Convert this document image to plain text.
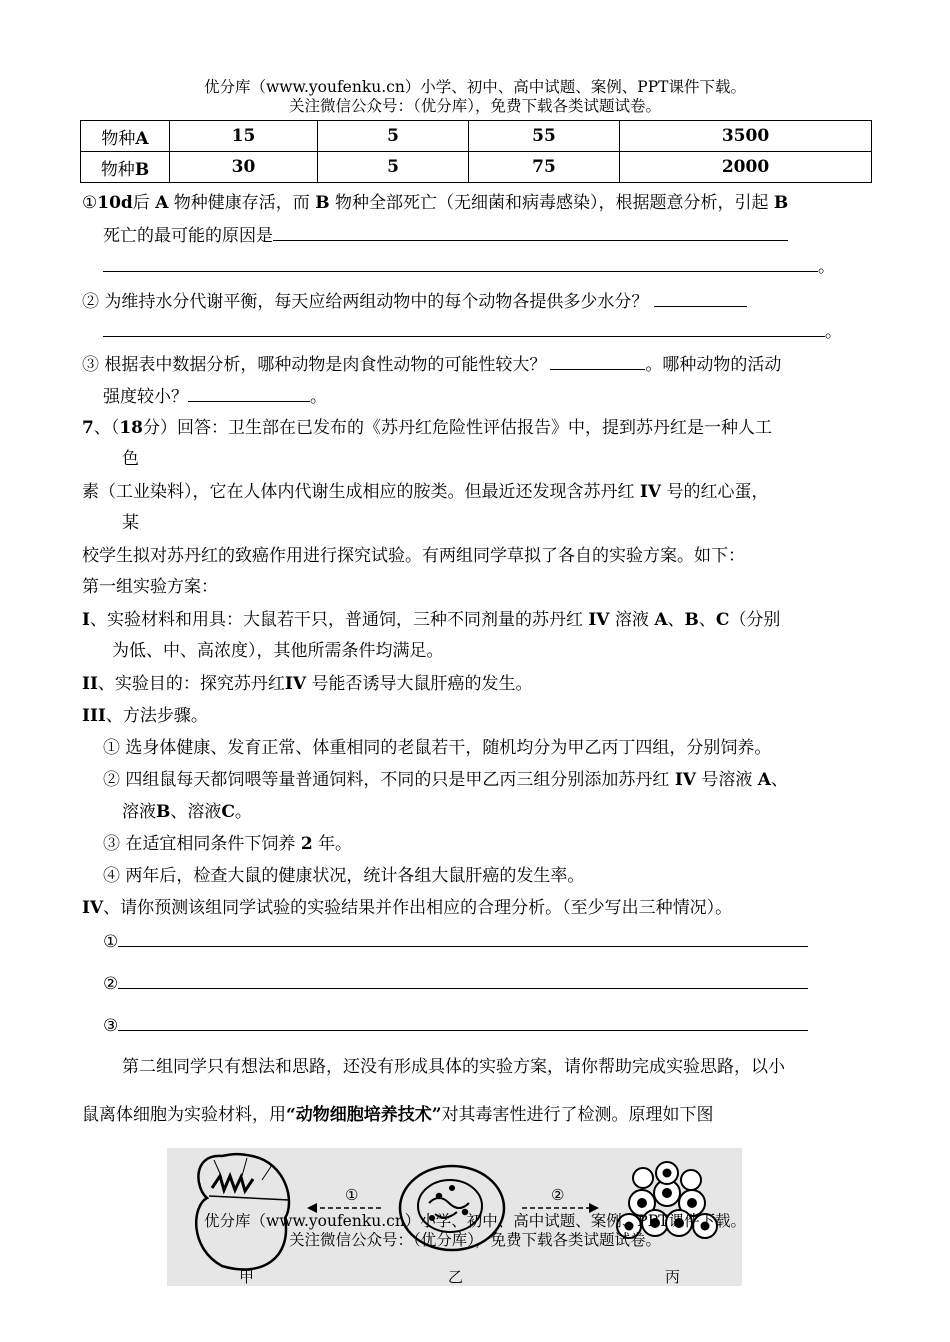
优分库（www.youfenku.cn）小学、初中、高中试题、案例、PPT课件下载。
关注微信公众号：（优分库），免费下载各类试题试卷。
物种A	15	5	55	3500
物种B	30	5	75	2000
①10d后 A 物种健康存活，而 B 物种全部死亡（无细菌和病毒感染），根据题意分析，引起 B
死亡的最可能的原因是
。
② 为维持水分代谢平衡，每天应给两组动物中的每个动物各提供多少水分？
。
③ 根据表中数据分析，哪种动物是肉食性动物的可能性较大？	。哪种动物的活动
强度较小？	。
7、（18分）回答：卫生部在已发布的《苏丹红危险性评估报告》中，提到苏丹红是一种人工
色
素（工业染料），它在人体内代谢生成相应的胺类。但最近还发现含苏丹红 IV 号的红心蛋，
某
校学生拟对苏丹红的致癌作用进行探究试验。有两组同学草拟了各自的实验方案。如下：
第一组实验方案：
I、实验材料和用具：大鼠若干只，普通饲，三种不同剂量的苏丹红 IV 溶液 A、B、C（分别
为低、中、高浓度），其他所需条件均满足。
II、实验目的：探究苏丹红IV 号能否诱导大鼠肝癌的发生。
III、方法步骤。
① 选身体健康、发育正常、体重相同的老鼠若干，随机均分为甲乙丙丁四组，分别饲养。
② 四组鼠每天都饲喂等量普通饲料，不同的只是甲乙丙三组分别添加苏丹红 IV 号溶液 A、
溶液B、溶液C。
③ 在适宜相同条件下饲养 2 年。
④ 两年后，检查大鼠的健康状况，统计各组大鼠肝癌的发生率。
IV、请你预测该组同学试验的实验结果并作出相应的合理分析。（至少写出三种情况）。
①
②
③
第二组同学只有想法和思路，还没有形成具体的实验方案，请你帮助完成实验思路，以小
鼠离体细胞为实验材料，用“动物细胞培养技术”对其毒害性进行了检测。原理如下图
①	②
甲	乙	丙
优分库（www.youfenku.cn）小学、初中、高中试题、案例、PPT课件下载。
关注微信公众号：（优分库），免费下载各类试题试卷。
